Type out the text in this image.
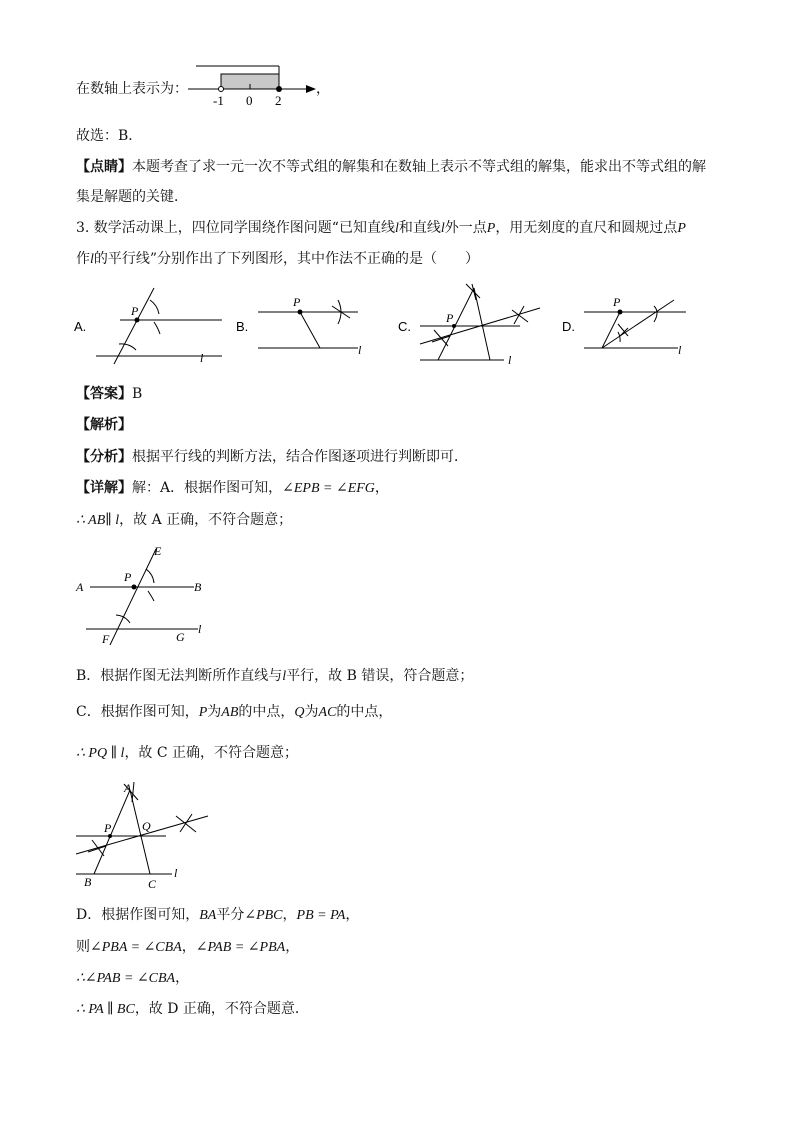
在数轴上表示为：
-1 0 2
，
故选：B．
【点睛】本题考查了求一元一次不等式组的解集和在数轴上表示不等式组的解集，能求出不等式组的解
集是解题的关键．
3. 数学活动课上，四位同学围绕作图问题“已知直线l和直线l外一点P，用无刻度的直尺和圆规过点P
作l的平行线”分别作出了下列图形，其中作法不正确的是（　　）
A.
P
l
B.
P
l
C.
P
l
D.
P
l
【答案】B
【解析】
【分析】根据平行线的判断方法，结合作图逐项进行判断即可．
【详解】解：A．根据作图可知，∠EPB = ∠EFG，
∴ AB∥ l，故 A 正确，不符合题意；
E
P
A	B
F	G
l
B．根据作图无法判断所作直线与l平行，故 B 错误，符合题意；
C．根据作图可知，P为AB的中点，Q为AC的中点，
∴ PQ ∥ l，故 C 正确，不符合题意；
A
P	Q
B	C
l
D．根据作图可知，BA平分∠PBC，PB = PA，
则∠PBA = ∠CBA，∠PAB = ∠PBA，
∴∠PAB = ∠CBA，
∴ PA ∥ BC，故 D 正确，不符合题意．
